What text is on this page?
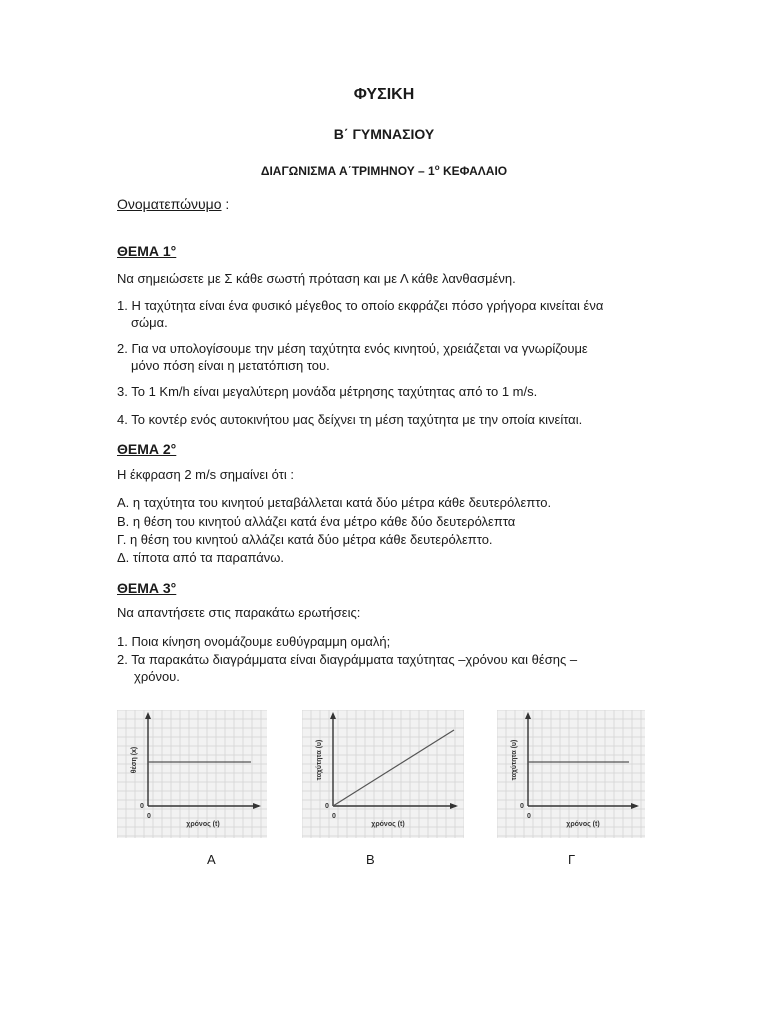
ΦΥΣΙΚΗ
Β΄ ΓΥΜΝΑΣΙΟΥ
ΔΙΑΓΩΝΙΣΜΑ $A΄TPIMHNO\Upsilon - 1^o$ ΚΕΦΑΛΑΙΟ
Ονοματεπώνυμο :
ΘΕΜΑ 1°
Να σημειώσετε με Σ κάθε σωστή πρόταση και με Λ κάθε λανθασμένη.
1. Η ταχύτητα είναι ένα φυσικό μέγεθος το οποίο εκφράζει πόσο γρήγορα κινείται ένα
σώμα.
2. Για να υπολογίσουμε την μέση ταχύτητα ενός κινητού, χρειάζεται να γνωρίζουμε
μόνο πόση είναι η μετατόπιση του.
3. Το 1 Km/h είναι μεγαλύτερη μονάδα μέτρησης ταχύτητας από το 1 m/s.
4. Το κοντέρ ενός αυτοκινήτου μας δείχνει τη μέση ταχύτητα με την οποία κινείται.
ΘΕΜΑ 2°
Η έκφραση 2 m/s σημαίνει ότι :
Α. η ταχύτητα του κινητού μεταβάλλεται κατά δύο μέτρα κάθε δευτερόλεπτο.
Β. η θέση του κινητού αλλάζει κατά ένα μέτρο κάθε δύο δευτερόλεπτα
Γ. η θέση του κινητού αλλάζει κατά δύο μέτρα κάθε δευτερόλεπτο.
Δ. τίποτα από τα παραπάνω.
ΘΕΜΑ 3°
Να απαντήσετε στις παρακάτω ερωτήσεις:
1. Ποια κίνηση ονομάζουμε ευθύγραμμη ομαλή;
2. Τα παρακάτω διαγράμματα είναι διαγράμματα ταχύτητας –χρόνου και θέσης –
χρόνου.
θέση (x)
χρόνος (t)
0
0
ταχύτητα (υ)
χρόνος (t)
0
0
ταχύτητα (υ)
χρόνος (t)
0
0
Α	Β	Γ
